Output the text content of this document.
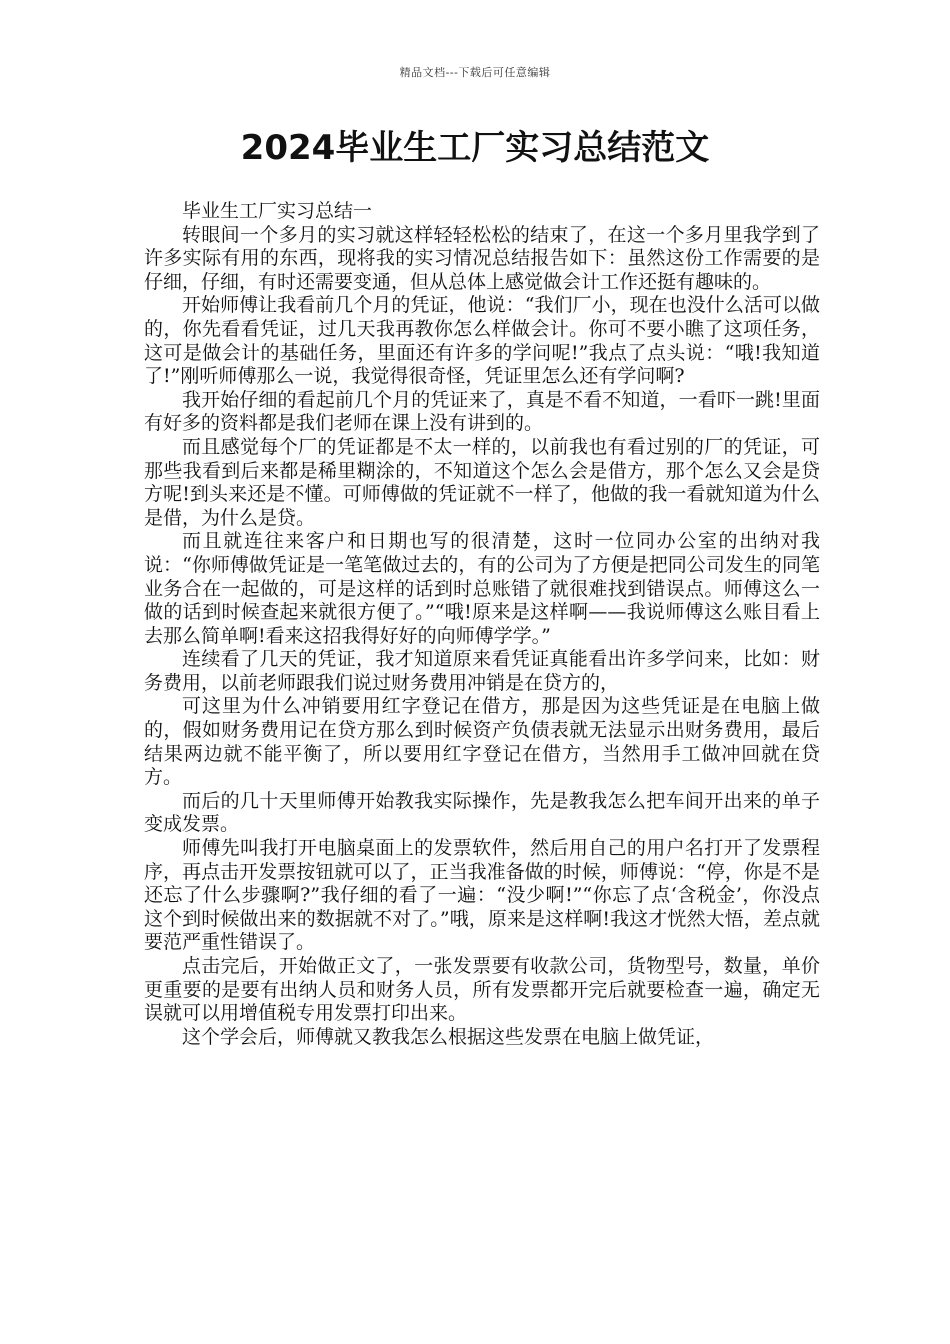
精品文档---下载后可任意编辑
2024毕业生工厂实习总结范文

毕业生工厂实习总结一

转眼间一个多月的实习就这样轻轻松松的结束了，在这一个多月里我学到了许多实际有用的东西，现将我的实习情况总结报告如下：虽然这份工作需要的是仔细，仔细，有时还需要变通，但从总体上感觉做会计工作还挺有趣味的。

开始师傅让我看前几个月的凭证，他说：“我们厂小，现在也没什么活可以做的，你先看看凭证，过几天我再教你怎么样做会计。你可不要小瞧了这项任务，这可是做会计的基础任务，里面还有许多的学问呢!”我点了点头说：“哦!我知道了!”刚听师傅那么一说，我觉得很奇怪，凭证里怎么还有学问啊?

我开始仔细的看起前几个月的凭证来了，真是不看不知道，一看吓一跳!里面有好多的资料都是我们老师在课上没有讲到的。

而且感觉每个厂的凭证都是不太一样的，以前我也有看过别的厂的凭证，可那些我看到后来都是稀里糊涂的，不知道这个怎么会是借方，那个怎么又会是贷方呢!到头来还是不懂。可师傅做的凭证就不一样了，他做的我一看就知道为什么是借，为什么是贷。

而且就连往来客户和日期也写的很清楚，这时一位同办公室的出纳对我说：“你师傅做凭证是一笔笔做过去的，有的公司为了方便是把同公司发生的同笔业务合在一起做的，可是这样的话到时总账错了就很难找到错误点。师傅这么一做的话到时候查起来就很方便了。”“哦!原来是这样啊——我说师傅这么账目看上去那么简单啊!看来这招我得好好的向师傅学学。”

连续看了几天的凭证，我才知道原来看凭证真能看出许多学问来，比如：财务费用，以前老师跟我们说过财务费用冲销是在贷方的，

可这里为什么冲销要用红字登记在借方，那是因为这些凭证是在电脑上做的，假如财务费用记在贷方那么到时候资产负债表就无法显示出财务费用，最后结果两边就不能平衡了，所以要用红字登记在借方，当然用手工做冲回就在贷方。

而后的几十天里师傅开始教我实际操作，先是教我怎么把车间开出来的单子变成发票。

师傅先叫我打开电脑桌面上的发票软件，然后用自己的用户名打开了发票程序，再点击开发票按钮就可以了，正当我准备做的时候，师傅说：“停，你是不是还忘了什么步骤啊?”我仔细的看了一遍：“没少啊!”“你忘了点‘含税金’，你没点这个到时候做出来的数据就不对了。”哦，原来是这样啊!我这才恍然大悟，差点就要范严重性错误了。

点击完后，开始做正文了，一张发票要有收款公司，货物型号，数量，单价更重要的是要有出纳人员和财务人员，所有发票都开完后就要检查一遍，确定无误就可以用增值税专用发票打印出来。

这个学会后，师傅就又教我怎么根据这些发票在电脑上做凭证，
